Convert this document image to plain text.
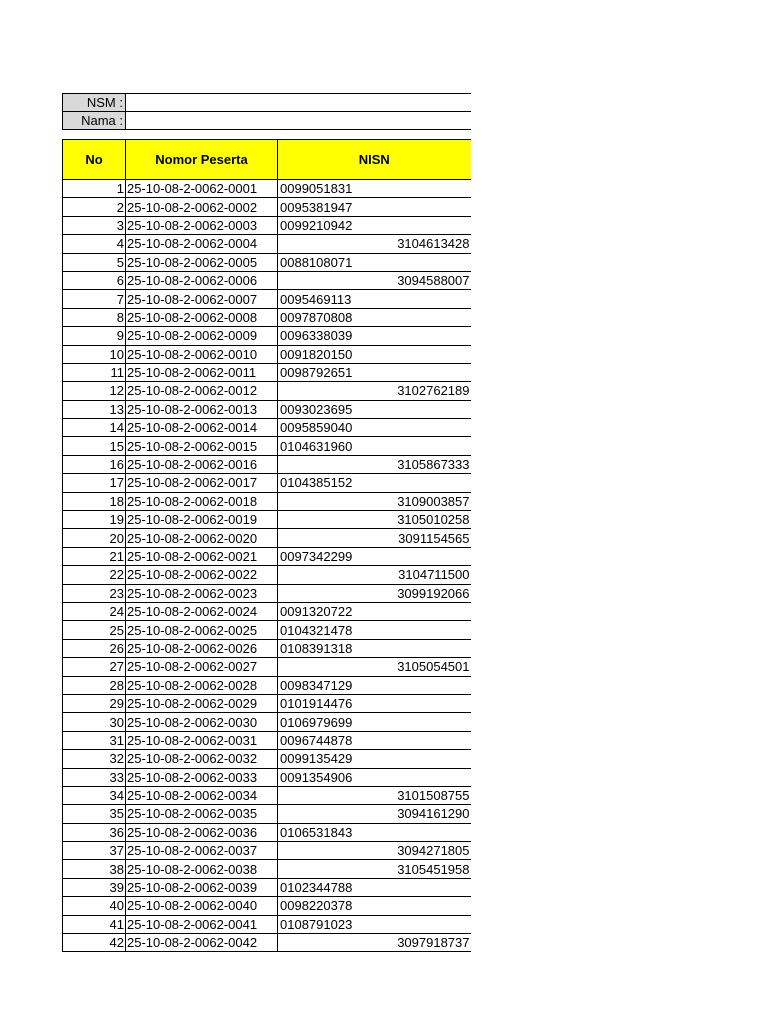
NSM :	
Nama :	
No	Nomor Peserta	NISN
1	25-10-08-2-0062-0001	0099051831
2	25-10-08-2-0062-0002	0095381947
3	25-10-08-2-0062-0003	0099210942
4	25-10-08-2-0062-0004	3104613428
5	25-10-08-2-0062-0005	0088108071
6	25-10-08-2-0062-0006	3094588007
7	25-10-08-2-0062-0007	0095469113
8	25-10-08-2-0062-0008	0097870808
9	25-10-08-2-0062-0009	0096338039
10	25-10-08-2-0062-0010	0091820150
11	25-10-08-2-0062-0011	0098792651
12	25-10-08-2-0062-0012	3102762189
13	25-10-08-2-0062-0013	0093023695
14	25-10-08-2-0062-0014	0095859040
15	25-10-08-2-0062-0015	0104631960
16	25-10-08-2-0062-0016	3105867333
17	25-10-08-2-0062-0017	0104385152
18	25-10-08-2-0062-0018	3109003857
19	25-10-08-2-0062-0019	3105010258
20	25-10-08-2-0062-0020	3091154565
21	25-10-08-2-0062-0021	0097342299
22	25-10-08-2-0062-0022	3104711500
23	25-10-08-2-0062-0023	3099192066
24	25-10-08-2-0062-0024	0091320722
25	25-10-08-2-0062-0025	0104321478
26	25-10-08-2-0062-0026	0108391318
27	25-10-08-2-0062-0027	3105054501
28	25-10-08-2-0062-0028	0098347129
29	25-10-08-2-0062-0029	0101914476
30	25-10-08-2-0062-0030	0106979699
31	25-10-08-2-0062-0031	0096744878
32	25-10-08-2-0062-0032	0099135429
33	25-10-08-2-0062-0033	0091354906
34	25-10-08-2-0062-0034	3101508755
35	25-10-08-2-0062-0035	3094161290
36	25-10-08-2-0062-0036	0106531843
37	25-10-08-2-0062-0037	3094271805
38	25-10-08-2-0062-0038	3105451958
39	25-10-08-2-0062-0039	0102344788
40	25-10-08-2-0062-0040	0098220378
41	25-10-08-2-0062-0041	0108791023
42	25-10-08-2-0062-0042	3097918737
